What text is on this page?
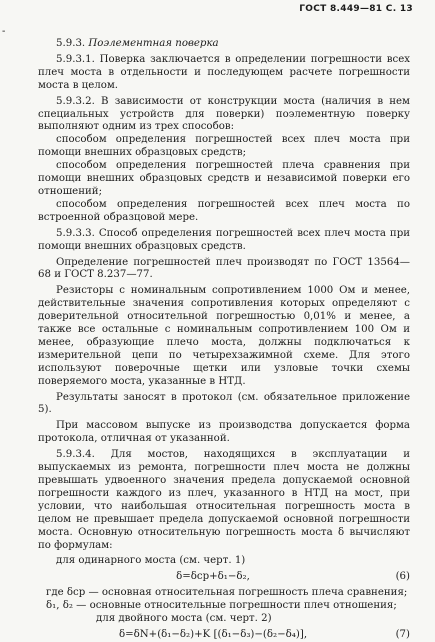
ГОСТ 8.449—81 С. 13
-

5.9.3. Поэлементная поверка

5.9.3.1. Поверка заключается в определении погрешности всех плеч моста в отдельности и последующем расчете погрешности моста в целом.

5.9.3.2. В зависимости от конструкции моста (наличия в нем специальных устройств для поверки) поэлементную поверку выполняют одним из трех способов:

способом определения погрешностей всех плеч моста при помощи внешних образцовых средств;

способом определения погрешностей плеча сравнения при помощи внешних образцовых средств и независимой поверки его отношений;

способом определения погрешностей всех плеч моста по встроенной образцовой мере.

5.9.3.3. Способ определения погрешностей всех плеч моста при помощи внешних образцовых средств.

Определение погрешностей плеч производят по ГОСТ 13564—68 и ГОСТ 8.237—77.

Резисторы с номинальным сопротивлением 1000 Ом и менее, действительные значения сопротивления которых определяют с доверительной относительной погрешностью 0,01% и менее, а также все остальные с номинальным сопротивлением 100 Ом и менее, образующие плечо моста, должны подключаться к измерительной цепи по четырехзажимной схеме. Для этого используют поверочные щетки или узловые точки схемы поверяемого моста, указанные в НТД.

Результаты заносят в протокол (см. обязательное приложение 5).

При массовом выпуске из производства допускается форма протокола, отличная от указанной.

5.9.3.4. Для мостов, находящихся в эксплуатации и выпускаемых из ремонта, погрешности плеч моста не должны превышать удвоенного значения предела допускаемой основной погрешности каждого из плеч, указанного в НТД на мост, при условии, что наибольшая относительная погрешность моста в целом не превышает предела допускаемой основной погрешности моста. Основную относительную погрешность моста δ вычисляют по формулам:

для одинарного моста (см. черт. 1)

δ=δср+δ₁−δ₂,	(6)
где δср —
основная относительная погрешность плеча сравнения;
δ₁, δ₂ —
основные относительные погрешности плеч отношения;

для двойного моста (см. черт. 2)

δ=δN+(δ₁−δ₂)+K [(δ₁−δ₃)−(δ₂−δ₄)],	(7)
